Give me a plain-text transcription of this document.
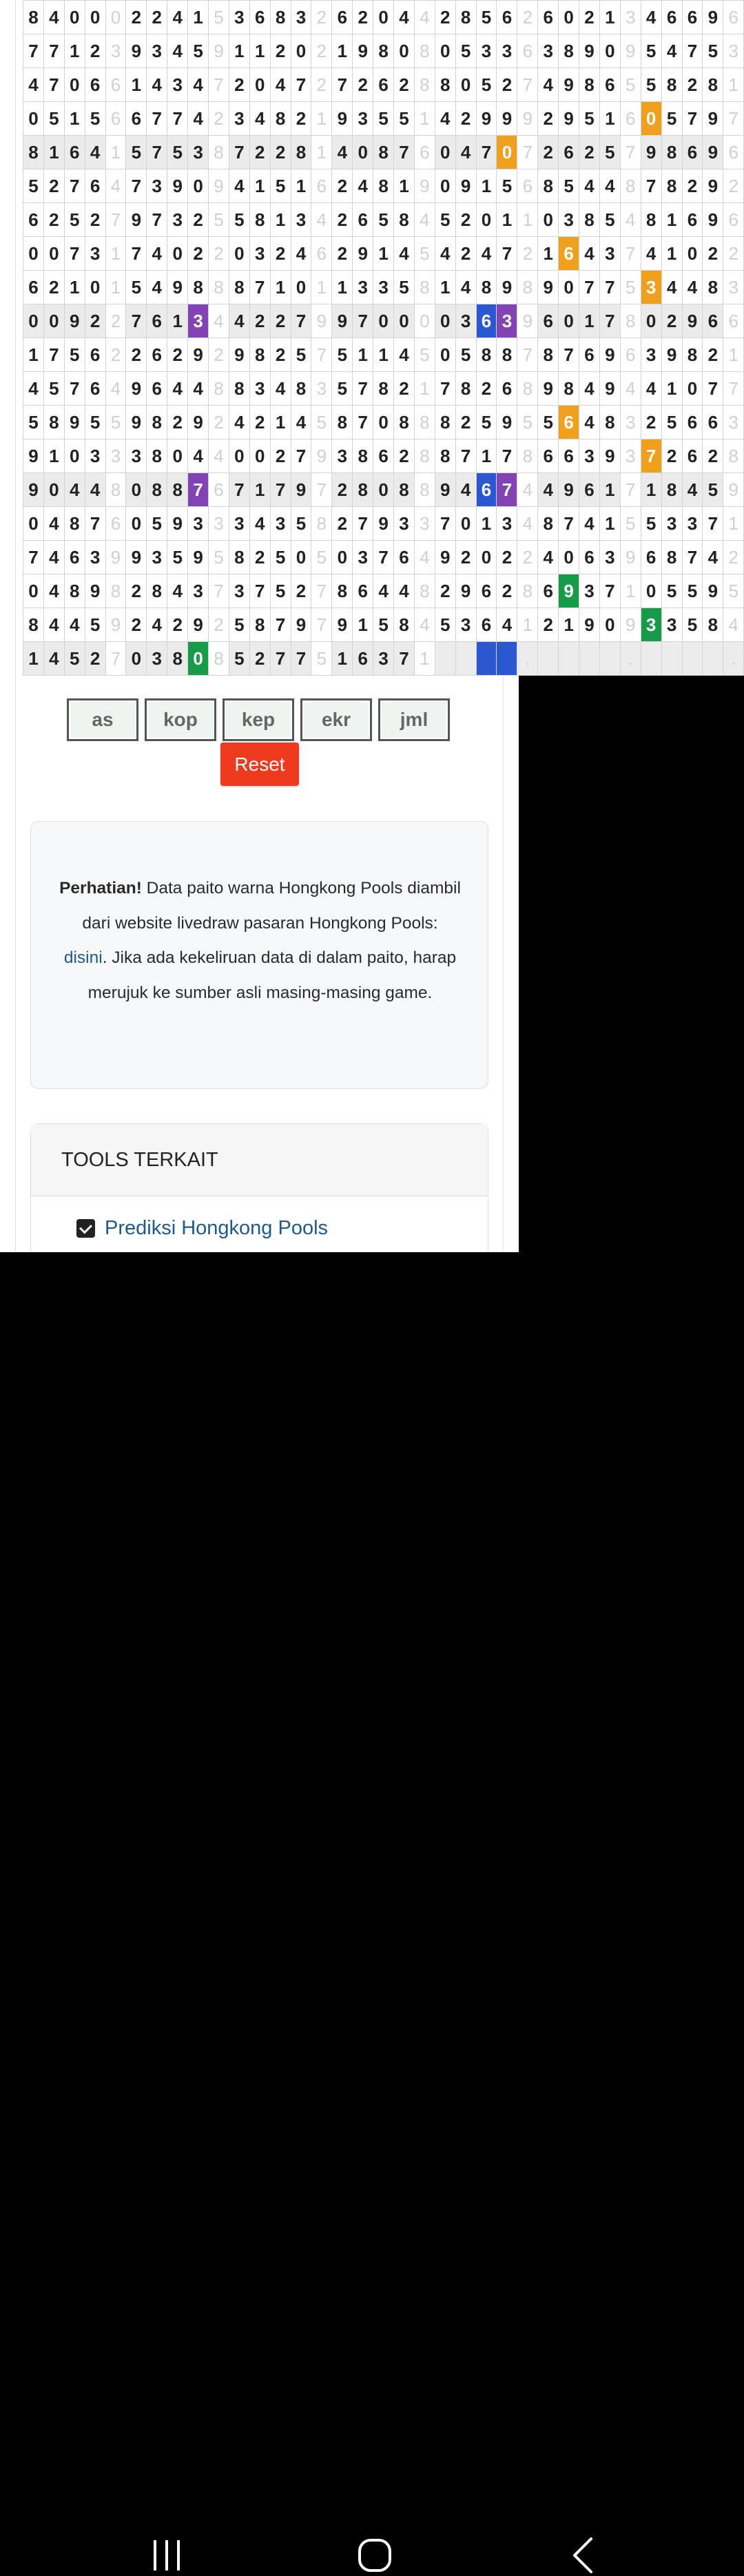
as	kop	kep	ekr	jml
Reset

Perhatian! Data paito warna Hongkong Pools diambil dari website livedraw pasaran Hongkong Pools: disini. Jika ada kekeliruan data di dalam paito, harap merujuk ke sumber asli masing-masing game.

TOOLS TERKAIT
Prediksi Hongkong Pools
8	4	0	0	0	2	2	4	1	5	3	6	8	3	2	6	2	0	4	4	2	8	5	6	2	6	0	2	1	3	4	6	6	9	6
7	7	1	2	3	9	3	4	5	9	1	1	2	0	2	1	9	8	0	8	0	5	3	3	6	3	8	9	0	9	5	4	7	5	3
4	7	0	6	6	1	4	3	4	7	2	0	4	7	2	7	2	6	2	8	8	0	5	2	7	4	9	8	6	5	5	8	2	8	1
0	5	1	5	6	6	7	7	4	2	3	4	8	2	1	9	3	5	5	1	4	2	9	9	9	2	9	5	1	6	0	5	7	9	7
8	1	6	4	1	5	7	5	3	8	7	2	2	8	1	4	0	8	7	6	0	4	7	0	7	2	6	2	5	7	9	8	6	9	6
5	2	7	6	4	7	3	9	0	9	4	1	5	1	6	2	4	8	1	9	0	9	1	5	6	8	5	4	4	8	7	8	2	9	2
6	2	5	2	7	9	7	3	2	5	5	8	1	3	4	2	6	5	8	4	5	2	0	1	1	0	3	8	5	4	8	1	6	9	6
0	0	7	3	1	7	4	0	2	2	0	3	2	4	6	2	9	1	4	5	4	2	4	7	2	1	6	4	3	7	4	1	0	2	2
6	2	1	0	1	5	4	9	8	8	8	7	1	0	1	1	3	3	5	8	1	4	8	9	8	9	0	7	7	5	3	4	4	8	3
0	0	9	2	2	7	6	1	3	4	4	2	2	7	9	9	7	0	0	0	0	3	6	3	9	6	0	1	7	8	0	2	9	6	6
1	7	5	6	2	2	6	2	9	2	9	8	2	5	7	5	1	1	4	5	0	5	8	8	7	8	7	6	9	6	3	9	8	2	1
4	5	7	6	4	9	6	4	4	8	8	3	4	8	3	5	7	8	2	1	7	8	2	6	8	9	8	4	9	4	4	1	0	7	7
5	8	9	5	5	9	8	2	9	2	4	2	1	4	5	8	7	0	8	8	8	2	5	9	5	5	6	4	8	3	2	5	6	6	3
9	1	0	3	3	3	8	0	4	4	0	0	2	7	9	3	8	6	2	8	8	7	1	7	8	6	6	3	9	3	7	2	6	2	8
9	0	4	4	8	0	8	8	7	6	7	1	7	9	7	2	8	0	8	8	9	4	6	7	4	4	9	6	1	7	1	8	4	5	9
0	4	8	7	6	0	5	9	3	3	3	4	3	5	8	2	7	9	3	3	7	0	1	3	4	8	7	4	1	5	5	3	3	7	1
7	4	6	3	9	9	3	5	9	5	8	2	5	0	5	0	3	7	6	4	9	2	0	2	2	4	0	6	3	9	6	8	7	4	2
0	4	8	9	8	2	8	4	3	7	3	7	5	2	7	8	6	4	4	8	2	9	6	2	8	6	9	3	7	1	0	5	5	9	5
8	4	4	5	9	2	4	2	9	2	5	8	7	9	7	9	1	5	8	4	5	3	6	4	1	2	1	9	0	9	3	3	5	8	4
1	4	5	2	7	0	3	8	0	8	5	2	7	7	5	1	6	3	7	1					.					.					.
